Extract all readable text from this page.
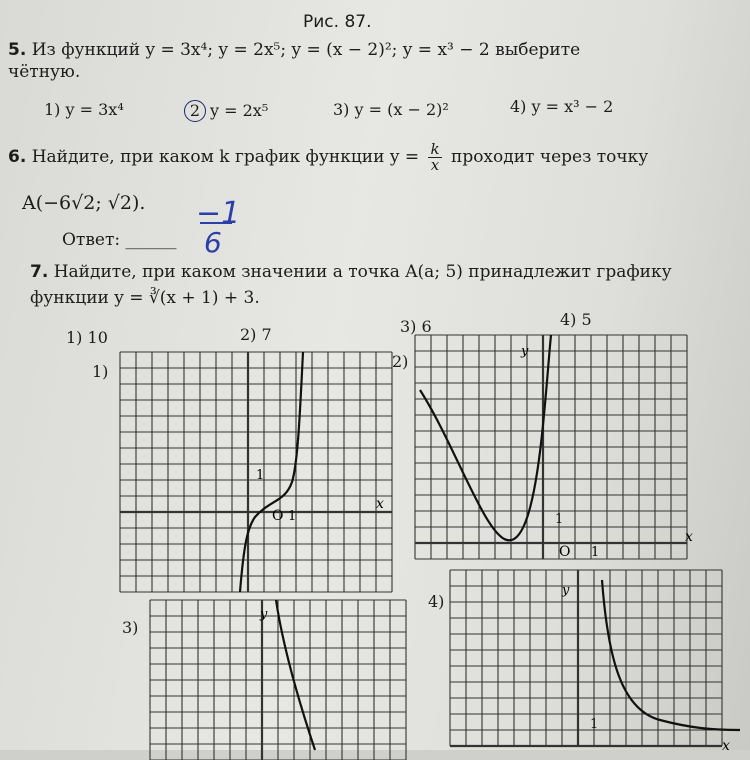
Рис. 87.
5. Из функций y = 3x⁴; y = 2x⁵; y = (x − 2)²; y = x³ − 2 выберите
чётную.
1) y = 3x⁴	2 y = 2x⁵	3) y = (x − 2)²	4) y = x³ − 2
6. Найдите, при каком k график функции $y = \frac{k}{x}$ проходит через точку
A(−6√2; √2).
Ответ: ______
−1
6
7. Найдите, при каком значении a точка A(a; 5) принадлежит графику
функции y = ∛(x + 1) + 3.
1) 10	2) 7	3) 6	4) 5
1)
2)
3)
4)
x
O 1
1
x
y
O 1
1
y
x
y
1
